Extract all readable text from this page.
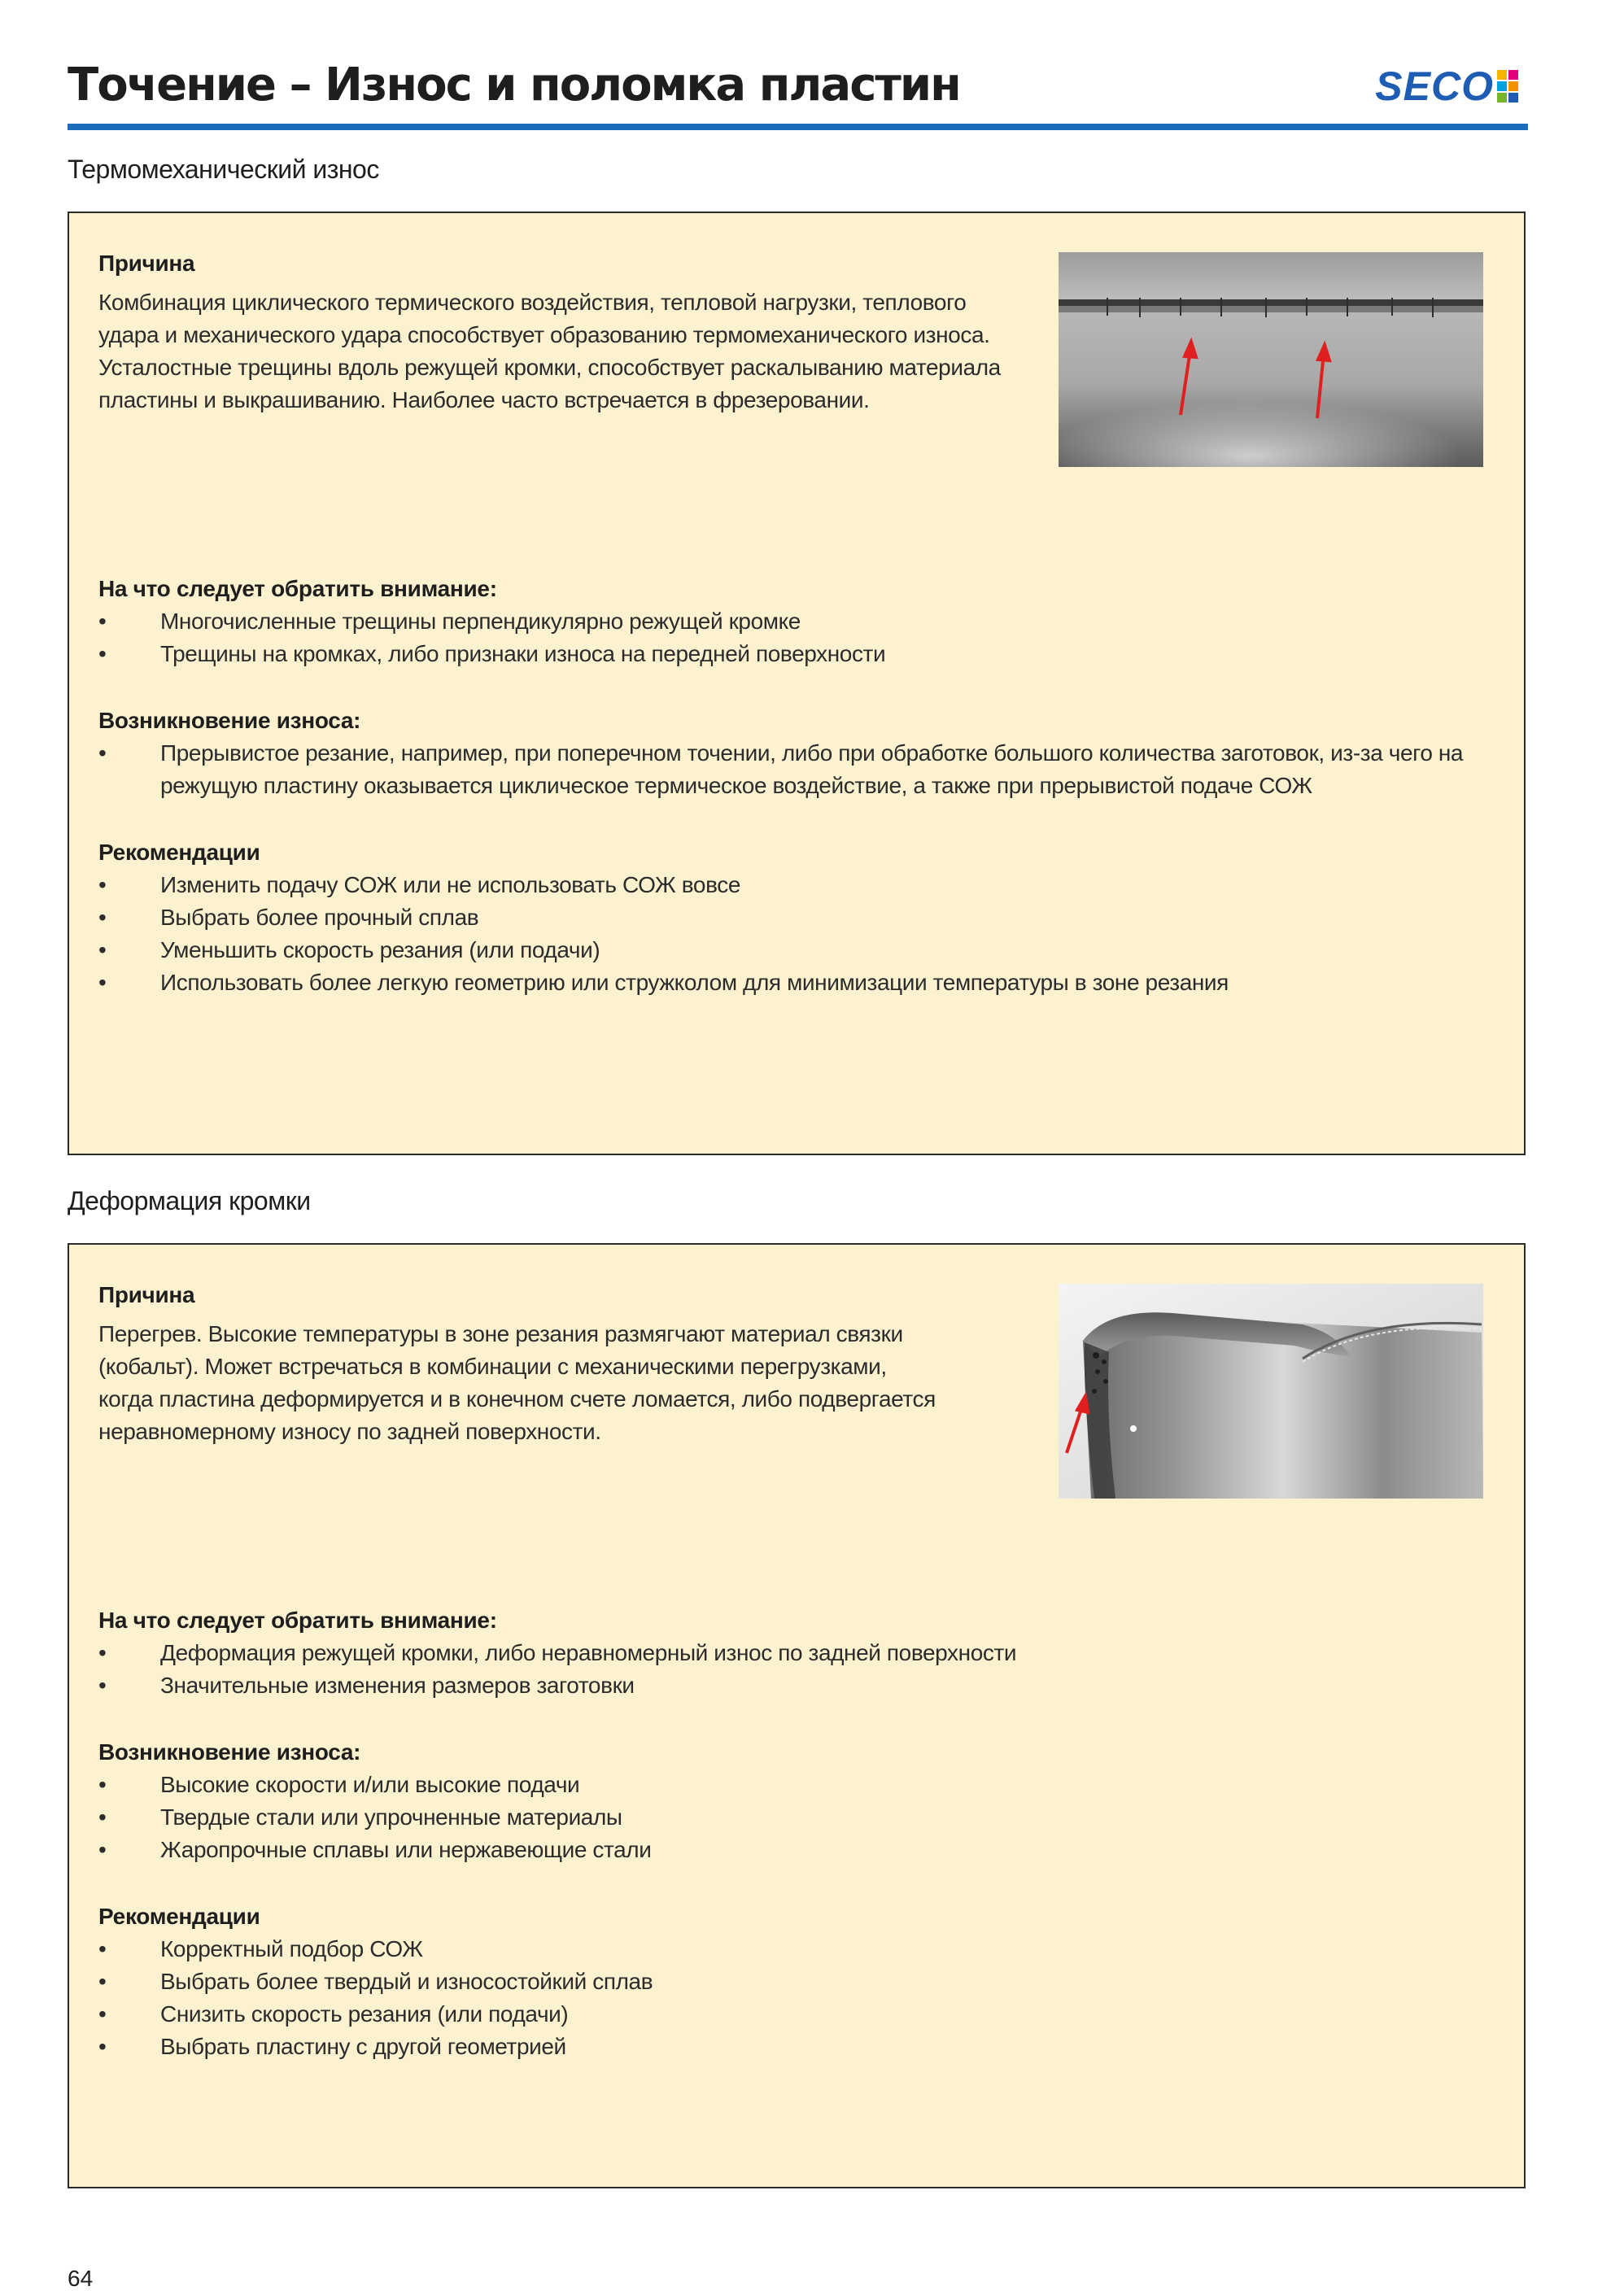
Точение – Износ и поломка пластин	SECO
Термомеханический износ

Причина

Комбинация циклического термического воздействия, тепловой нагрузки, теплового
удара и механического удара способствует образованию термомеханического износа.
Усталостные трещины вдоль режущей кромки, способствует раскалыванию материала
пластины и выкрашиванию. Наиболее часто встречается в фрезеровании.

На что следует обратить внимание:

• Многочисленные трещины перпендикулярно режущей кромке
• Трещины на кромках, либо признаки износа на передней поверхности

Возникновение износа:

• Прерывистое резание, например, при поперечном точении, либо при обработке большого количества заготовок, из-за чего на режущую пластину оказывается циклическое термическое воздействие, а также при прерывистой подаче СОЖ

Рекомендации

• Изменить подачу СОЖ или не использовать СОЖ вовсе
• Выбрать более прочный сплав
• Уменьшить скорость резания (или подачи)
• Использовать более легкую геометрию или стружколом для минимизации температуры в зоне резания
Деформация кромки

Причина

Перегрев. Высокие температуры в зоне резания размягчают материал связки
(кобальт). Может встречаться в комбинации с механическими перегрузками,
когда пластина деформируется и в конечном счете ломается, либо подвергается
неравномерному износу по задней поверхности.

На что следует обратить внимание:

• Деформация режущей кромки, либо неравномерный износ по задней поверхности
• Значительные изменения размеров заготовки

Возникновение износа:

• Высокие скорости и/или высокие подачи
• Твердые стали или упрочненные материалы
• Жаропрочные сплавы или нержавеющие стали

Рекомендации

• Корректный подбор СОЖ
• Выбрать более твердый и износостойкий сплав
• Снизить скорость резания (или подачи)
• Выбрать пластину с другой геометрией

64
